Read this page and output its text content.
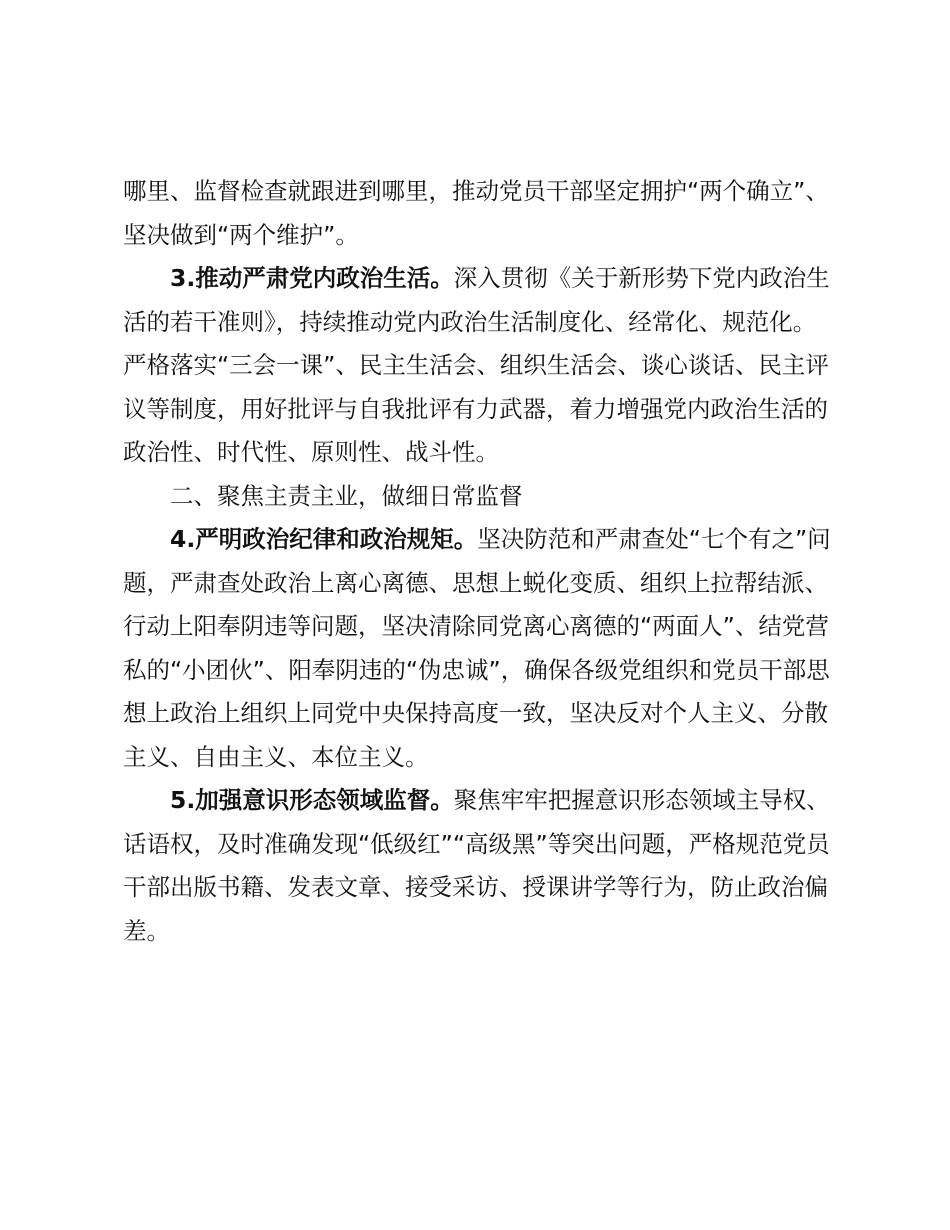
哪里、监督检查就跟进到哪里，推动党员干部坚定拥护“两个确立”、坚决做到“两个维护”。

3.推动严肃党内政治生活。深入贯彻《关于新形势下党内政治生活的若干准则》，持续推动党内政治生活制度化、经常化、规范化。严格落实“三会一课”、民主生活会、组织生活会、谈心谈话、民主评议等制度，用好批评与自我批评有力武器，着力增强党内政治生活的政治性、时代性、原则性、战斗性。

二、聚焦主责主业，做细日常监督

4.严明政治纪律和政治规矩。坚决防范和严肃查处“七个有之”问题，严肃查处政治上离心离德、思想上蜕化变质、组织上拉帮结派、行动上阳奉阴违等问题，坚决清除同党离心离德的“两面人”、结党营私的“小团伙”、阳奉阴违的“伪忠诚”，确保各级党组织和党员干部思想上政治上组织上同党中央保持高度一致，坚决反对个人主义、分散主义、自由主义、本位主义。

5.加强意识形态领域监督。聚焦牢牢把握意识形态领域主导权、话语权，及时准确发现“低级红”“高级黑”等突出问题，严格规范党员干部出版书籍、发表文章、接受采访、授课讲学等行为，防止政治偏差。
